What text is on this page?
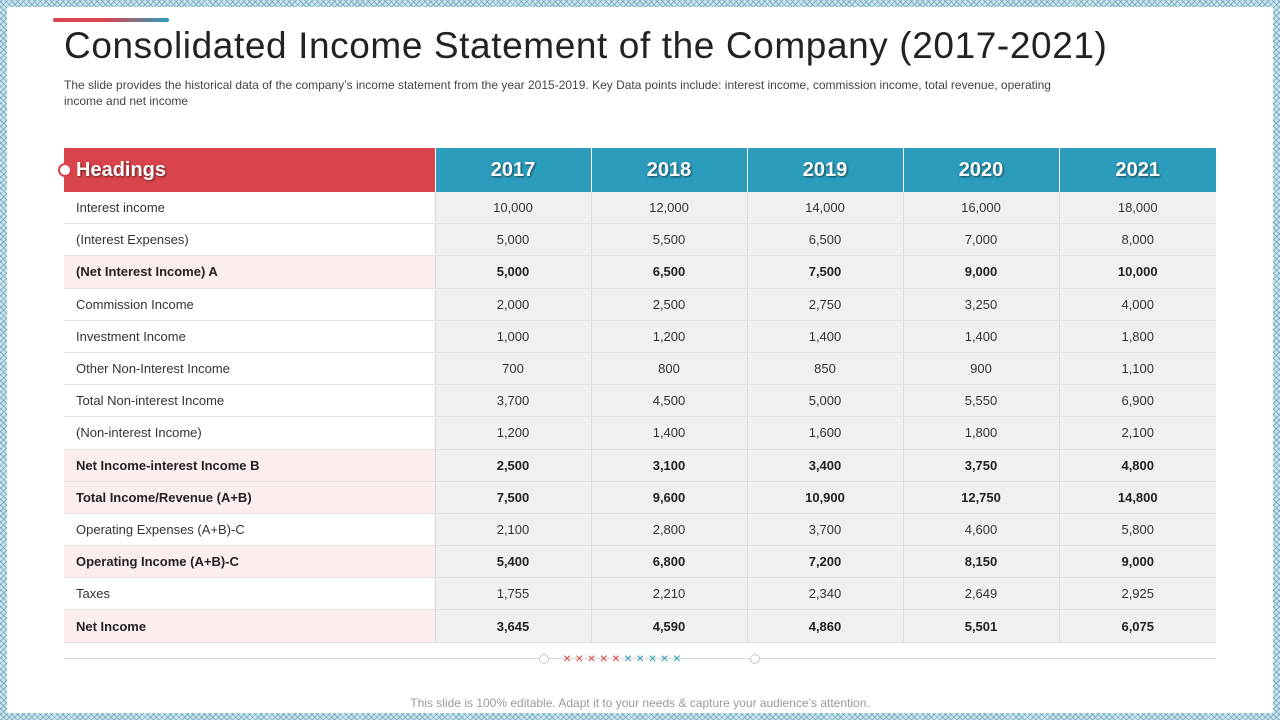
Consolidated Income Statement of the Company (2017-2021)

The slide provides the historical data of the company’s income statement from the year 2015-2019. Key Data points include: interest income, commission income, total revenue, operating income and net income

Headings	2017	2018	2019	2020	2021
Interest income	10,000	12,000	14,000	16,000	18,000
(Interest Expenses)	5,000	5,500	6,500	7,000	8,000
(Net Interest Income) A	5,000	6,500	7,500	9,000	10,000
Commission Income	2,000	2,500	2,750	3,250	4,000
Investment Income	1,000	1,200	1,400	1,400	1,800
Other Non-Interest Income	700	800	850	900	1,100
Total Non-interest Income	3,700	4,500	5,000	5,550	6,900
(Non-interest Income)	1,200	1,400	1,600	1,800	2,100
Net Income-interest Income B	2,500	3,100	3,400	3,750	4,800
Total Income/Revenue (A+B)	7,500	9,600	10,900	12,750	14,800
Operating Expenses (A+B)-C	2,100	2,800	3,700	4,600	5,800
Operating Income (A+B)-C	5,400	6,800	7,200	8,150	9,000
Taxes	1,755	2,210	2,340	2,649	2,925
Net Income	3,645	4,590	4,860	5,501	6,075
××××××××××
This slide is 100% editable. Adapt it to your needs & capture your audience’s attention.
